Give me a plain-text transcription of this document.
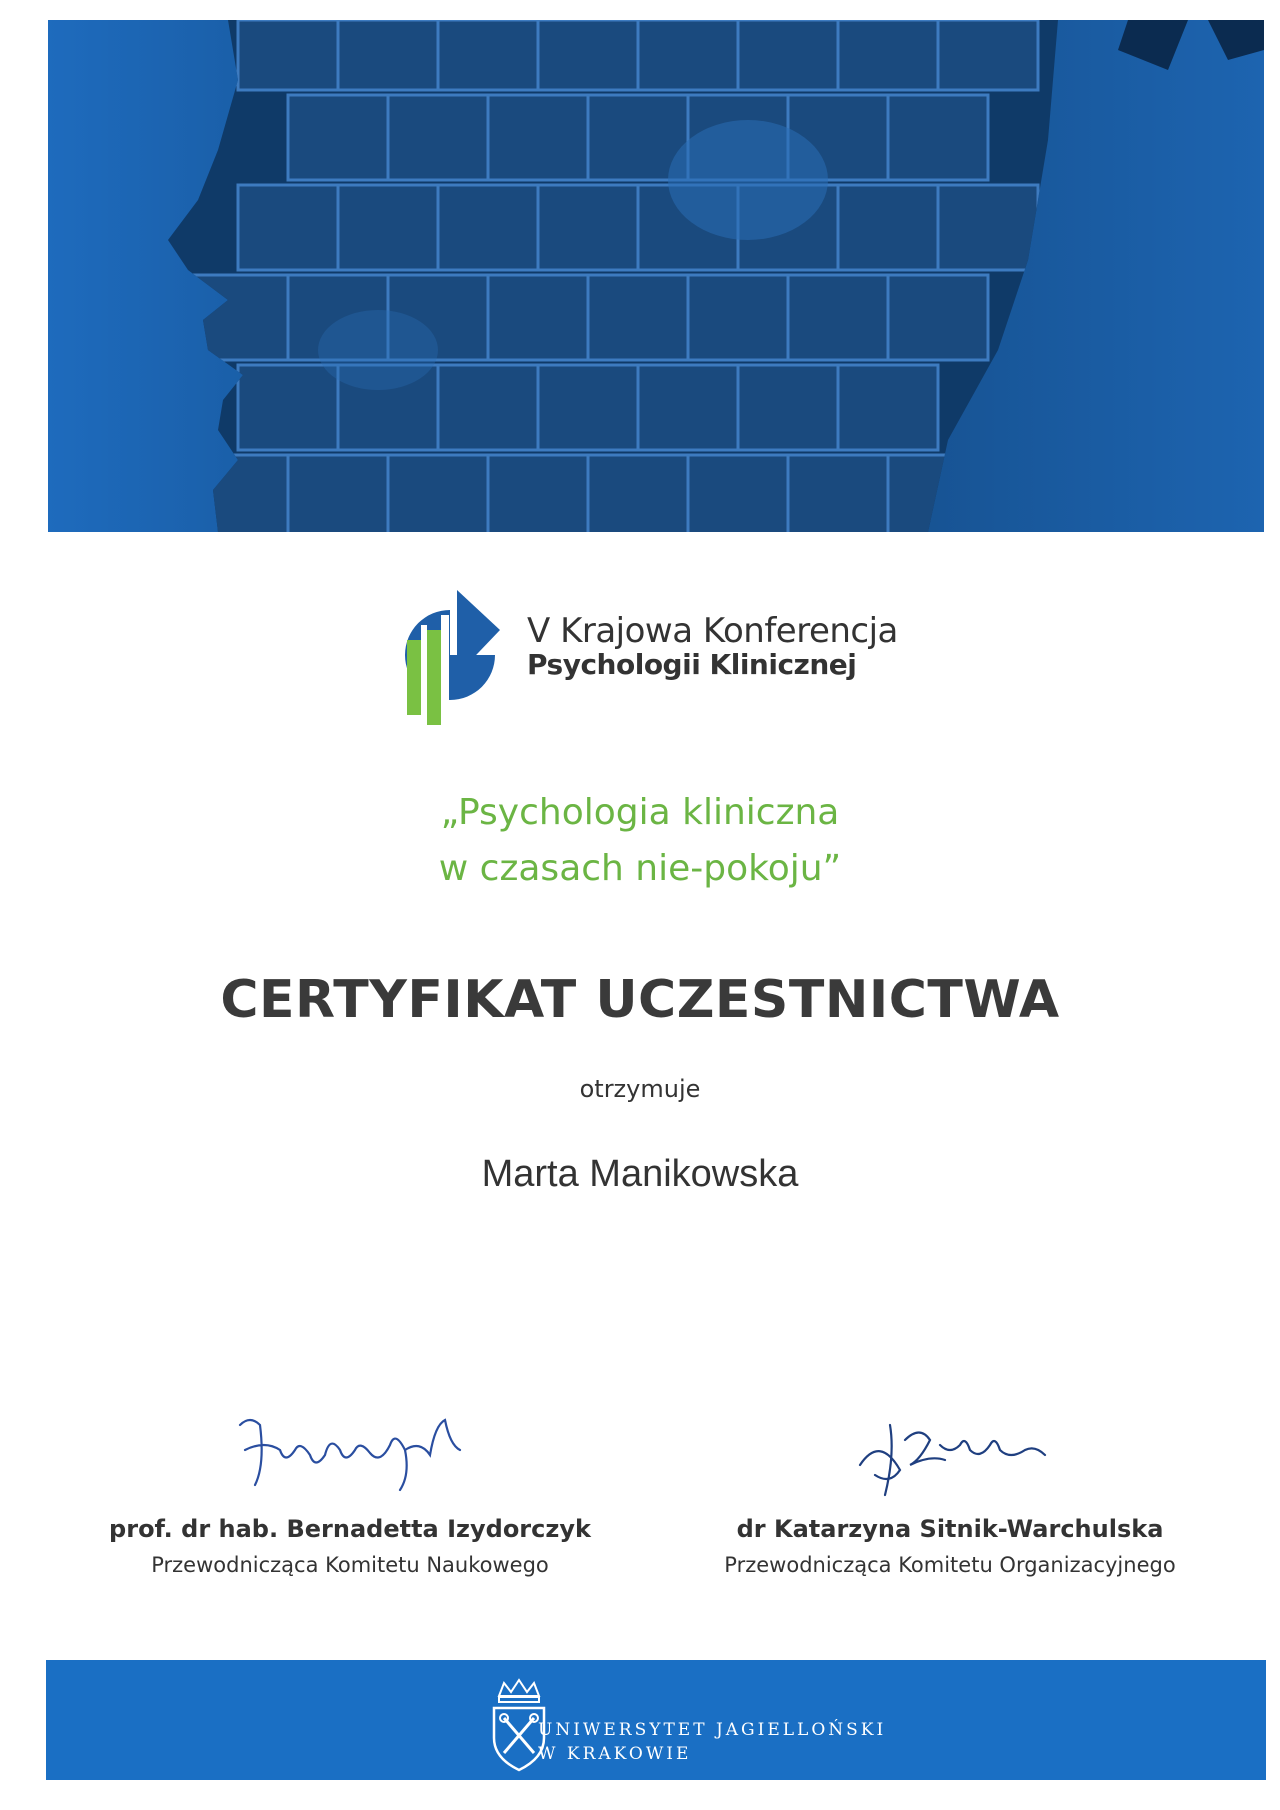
V Krajowa Konferencja
Psychologii Klinicznej
„Psychologia kliniczna
w czasach nie-pokoju”
CERTYFIKAT UCZESTNICTWA
otrzymuje
Marta Manikowska
prof. dr hab. Bernadetta Izydorczyk
Przewodnicząca Komitetu Naukowego
dr Katarzyna Sitnik-Warchulska
Przewodnicząca Komitetu Organizacyjnego
UNIWERSYTET JAGIELLOŃSKI
W KRAKOWIE
